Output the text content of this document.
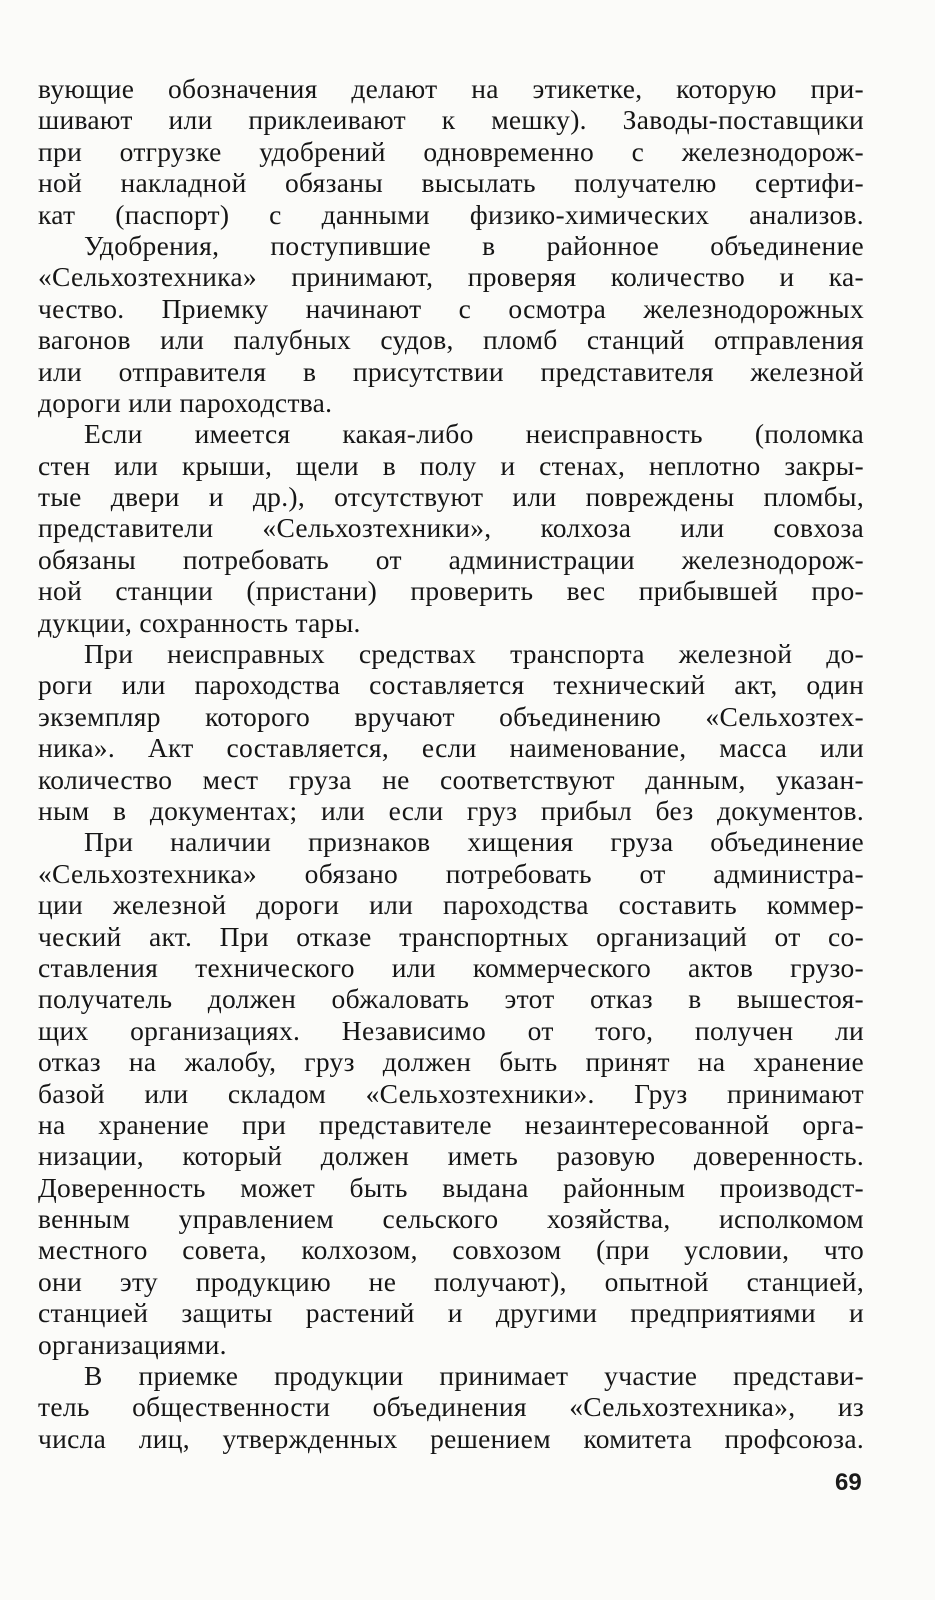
вующие обозначения делают на этикетке, которую при-
шивают или приклеивают к мешку). Заводы-поставщики
при отгрузке удобрений одновременно с железнодорож-
ной накладной обязаны высылать получателю сертифи-
кат (паспорт) с данными физико-химических анализов.
Удобрения, поступившие в районное объединение
«Сельхозтехника» принимают, проверяя количество и ка-
чество. Приемку начинают с осмотра железнодорожных
вагонов или палубных судов, пломб станций отправления
или отправителя в присутствии представителя железной
дороги или пароходства.
Если имеется какая-либо неисправность (поломка
стен или крыши, щели в полу и стенах, неплотно закры-
тые двери и др.), отсутствуют или повреждены пломбы,
представители «Сельхозтехники», колхоза или совхоза
обязаны потребовать от администрации железнодорож-
ной станции (пристани) проверить вес прибывшей про-
дукции, сохранность тары.
При неисправных средствах транспорта железной до-
роги или пароходства составляется технический акт, один
экземпляр которого вручают объединению «Сельхозтех-
ника». Акт составляется, если наименование, масса или
количество мест груза не соответствуют данным, указан-
ным в документах; или если груз прибыл без документов.
При наличии признаков хищения груза объединение
«Сельхозтехника» обязано потребовать от администра-
ции железной дороги или пароходства составить коммер-
ческий акт. При отказе транспортных организаций от со-
ставления технического или коммерческого актов грузо-
получатель должен обжаловать этот отказ в вышестоя-
щих организациях. Независимо от того, получен ли
отказ на жалобу, груз должен быть принят на хранение
базой или складом «Сельхозтехники». Груз принимают
на хранение при представителе незаинтересованной орга-
низации, который должен иметь разовую доверенность.
Доверенность может быть выдана районным производст-
венным управлением сельского хозяйства, исполкомом
местного совета, колхозом, совхозом (при условии, что
они эту продукцию не получают), опытной станцией,
станцией защиты растений и другими предприятиями и
организациями.
В приемке продукции принимает участие представи-
тель общественности объединения «Сельхозтехника», из
числа лиц, утвержденных решением комитета профсоюза.
69
